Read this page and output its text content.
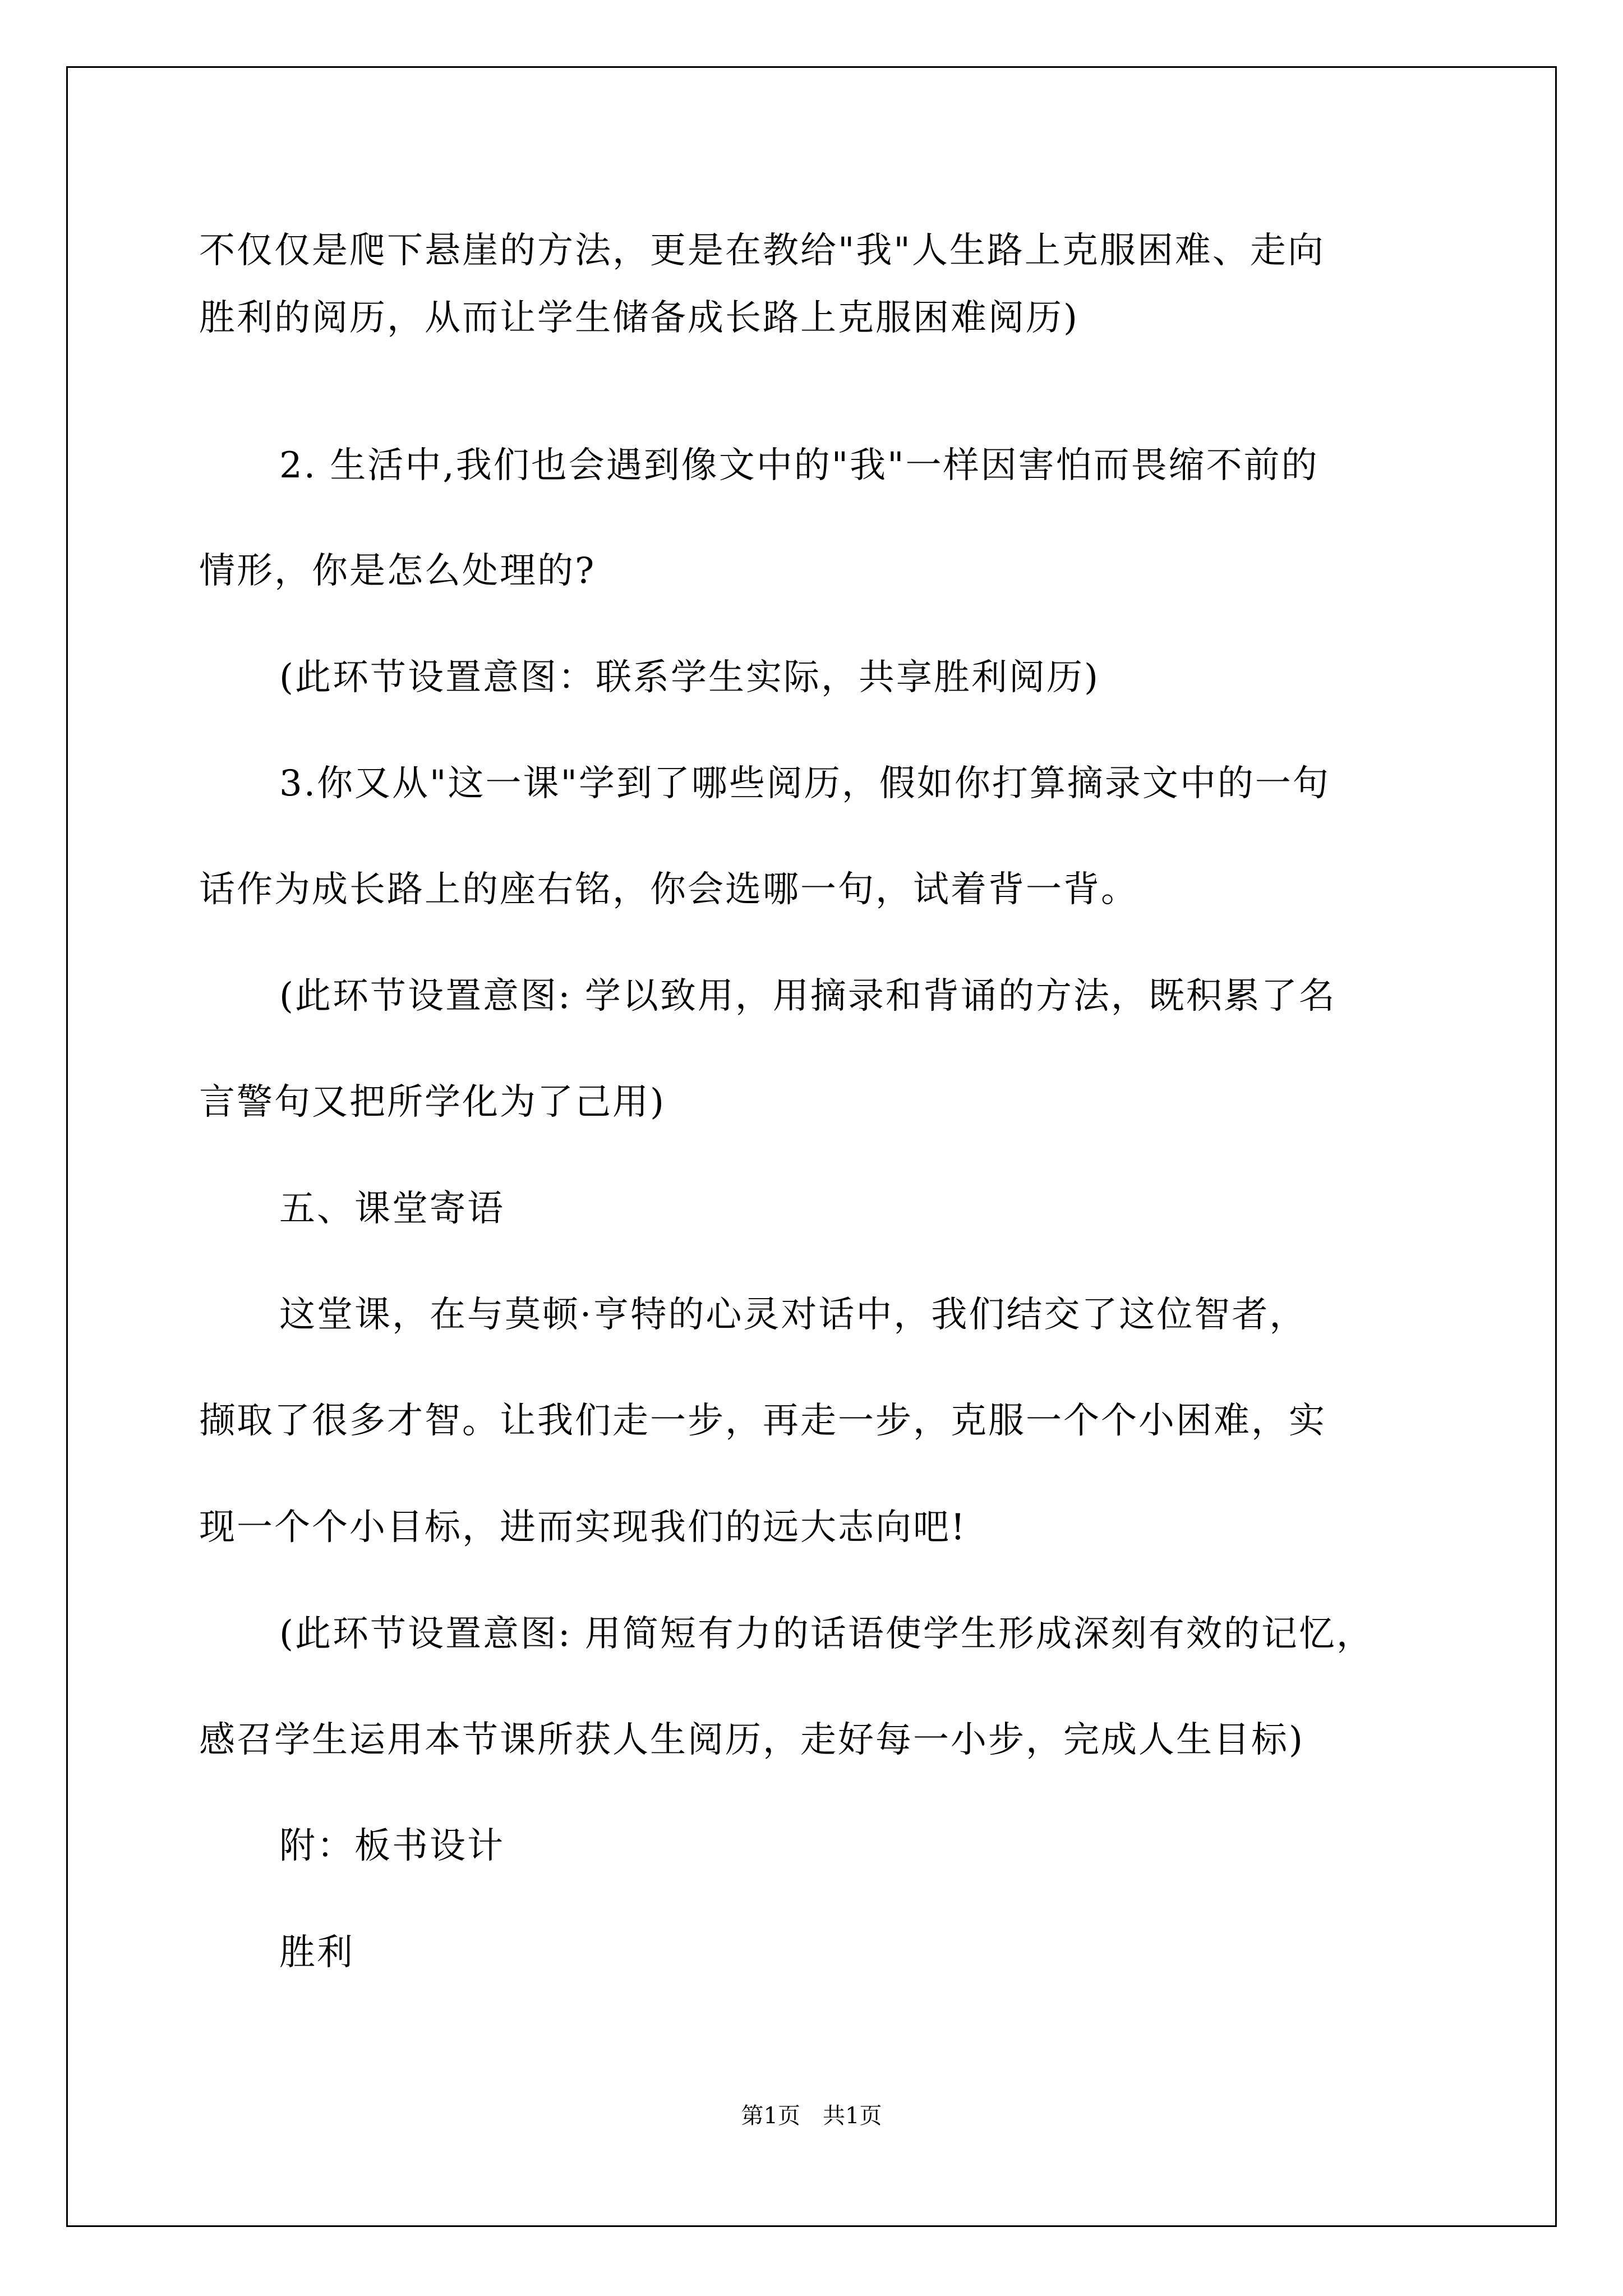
不仅仅是爬下悬崖的方法，更是在教给"我"人生路上克服困难、走向
胜利的阅历，从而让学生储备成长路上克服困难阅历)
2. 生活中,我们也会遇到像文中的"我"一样因害怕而畏缩不前的
情形，你是怎么处理的?
(此环节设置意图：联系学生实际，共享胜利阅历)
3.你又从"这一课"学到了哪些阅历，假如你打算摘录文中的一句
话作为成长路上的座右铭，你会选哪一句，试着背一背。
(此环节设置意图: 学以致用，用摘录和背诵的方法，既积累了名
言警句又把所学化为了己用)
五、课堂寄语
这堂课，在与莫顿·亨特的心灵对话中，我们结交了这位智者，
撷取了很多才智。让我们走一步，再走一步，克服一个个小困难，实
现一个个小目标，进而实现我们的远大志向吧!
(此环节设置意图: 用简短有力的话语使学生形成深刻有效的记忆，
感召学生运用本节课所获人生阅历，走好每一小步，完成人生目标)
附：板书设计
胜利
第1页　共1页
